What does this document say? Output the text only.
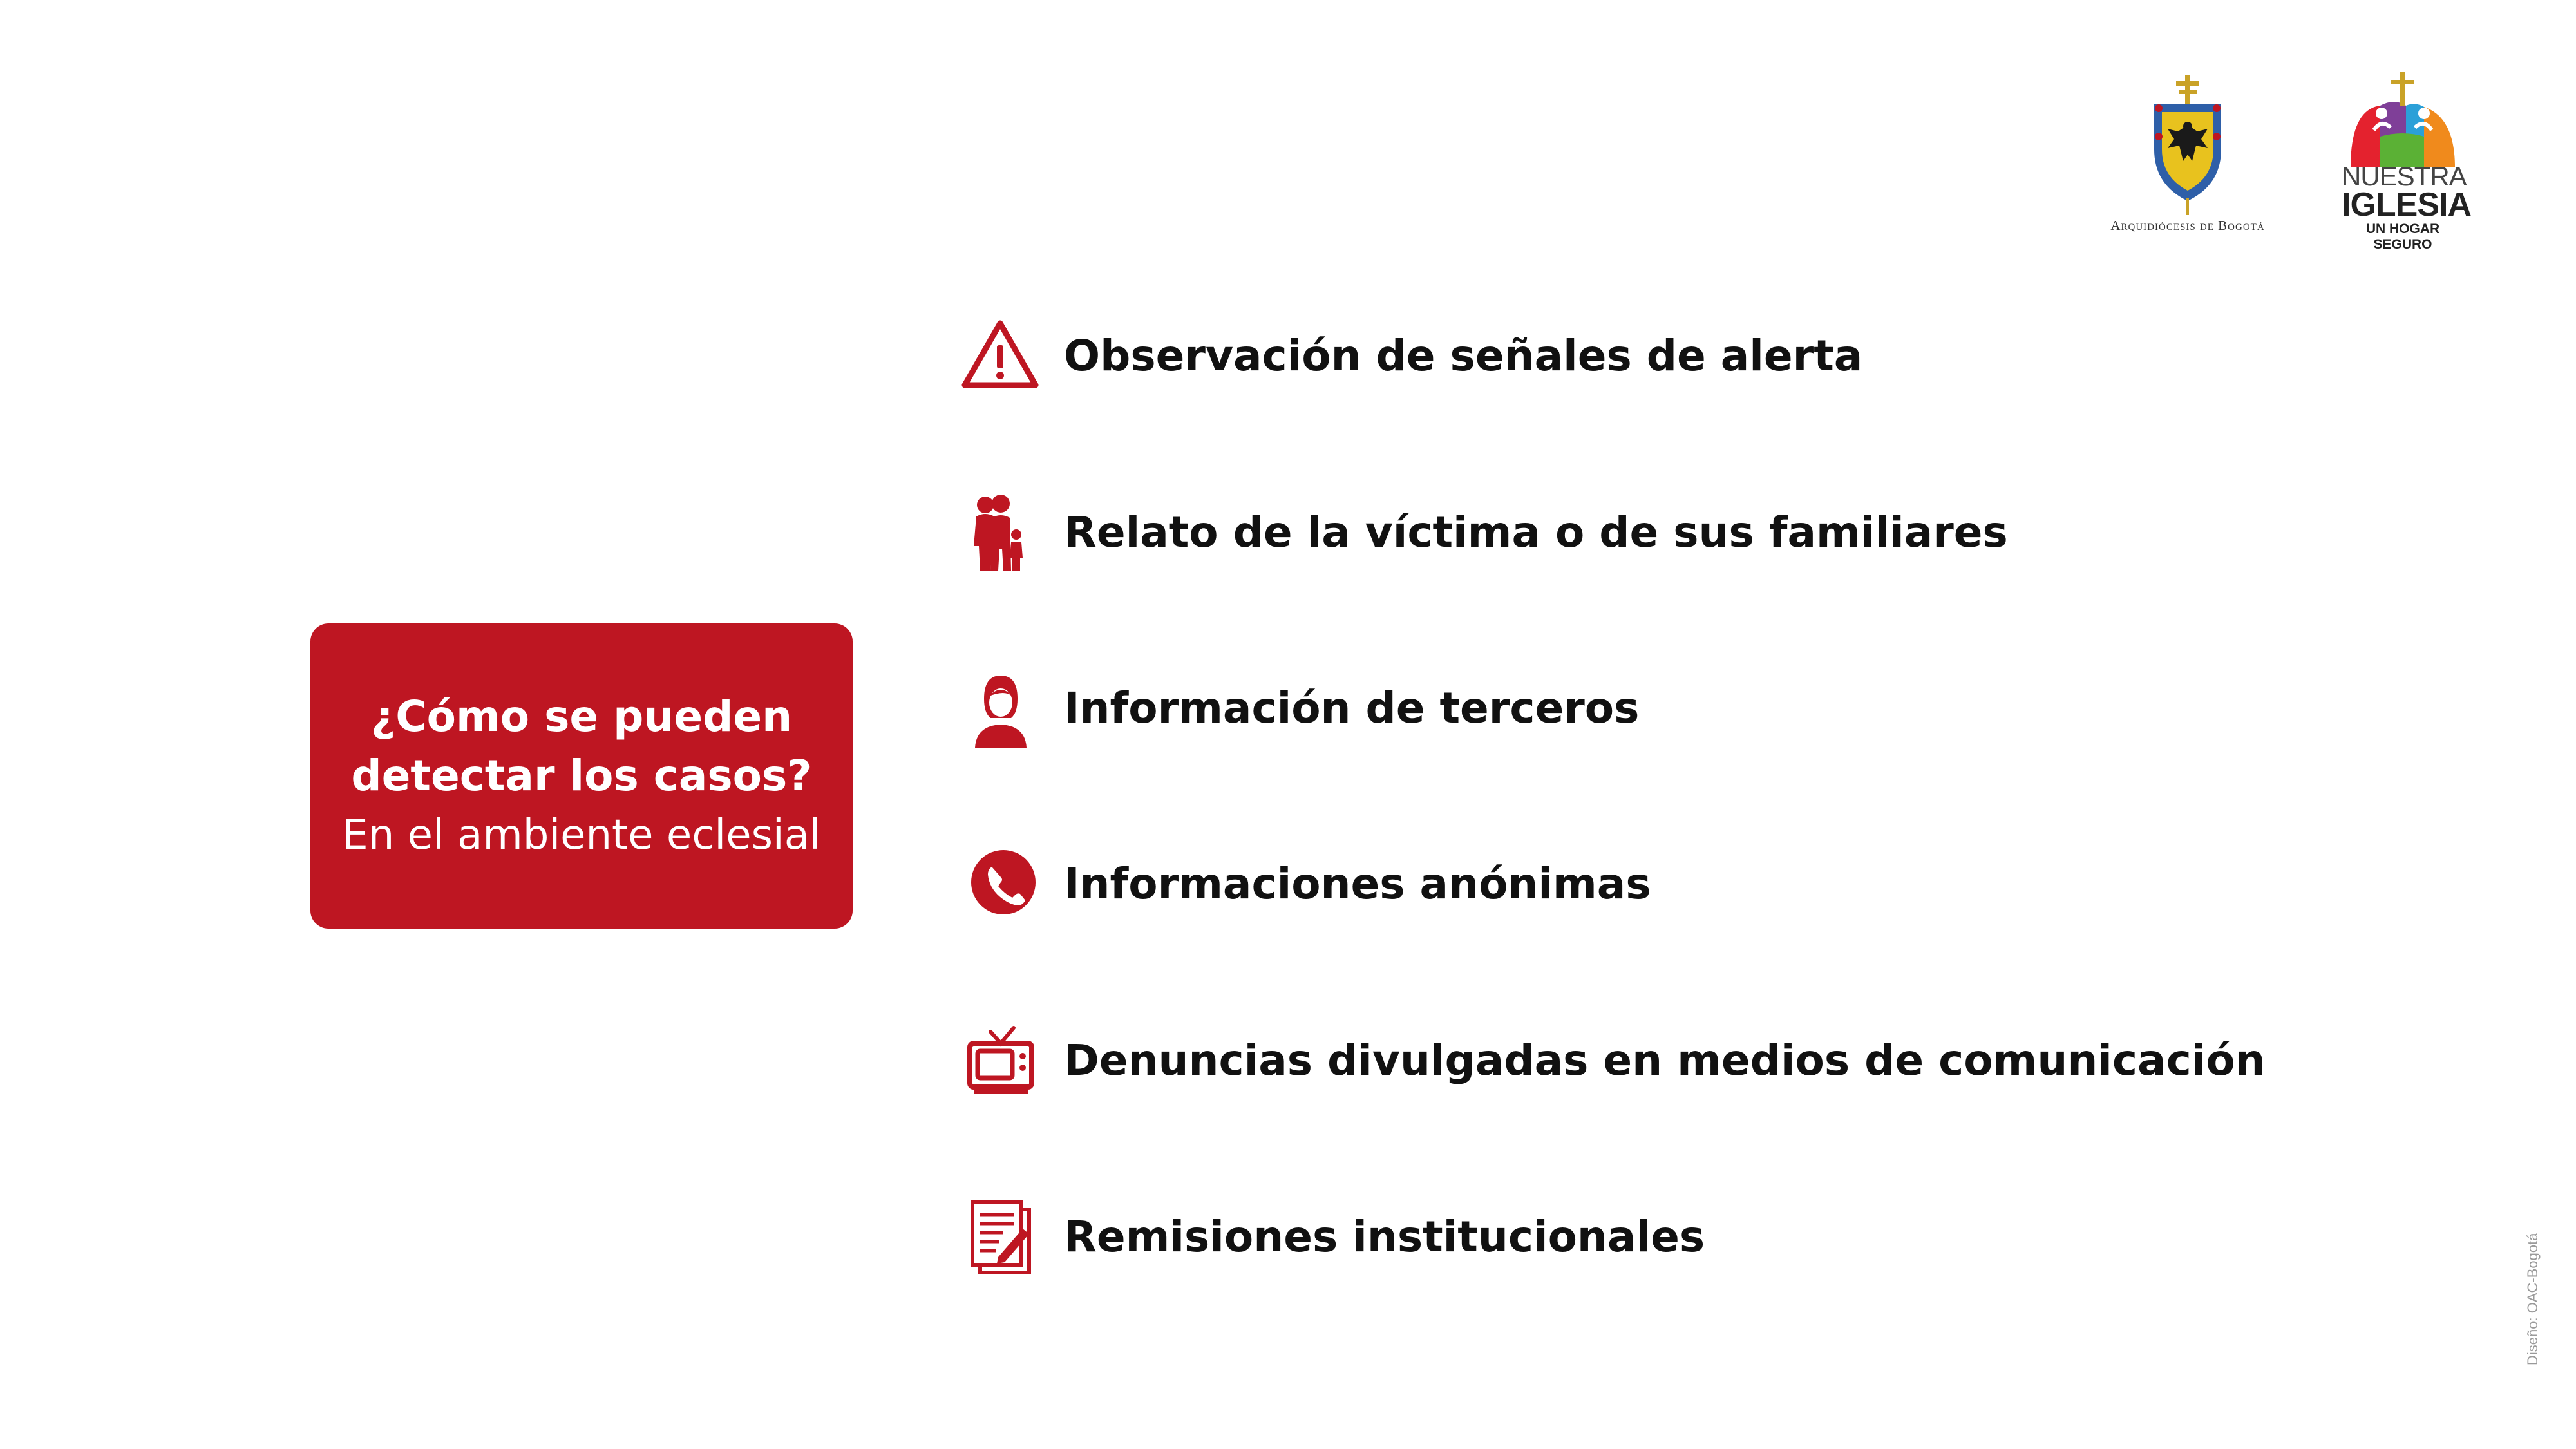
Arquidiócesis de Bogotá
NUESTRA
IGLESIA
UN HOGAR SEGURO
¿Cómo se pueden
detectar los casos?
En el ambiente eclesial
Observación de señales de alerta
Relato de la víctima o de sus familiares
Información de terceros
Informaciones anónimas
Denuncias divulgadas en medios de comunicación
Remisiones institucionales	Diseño: OAC-Bogotá
